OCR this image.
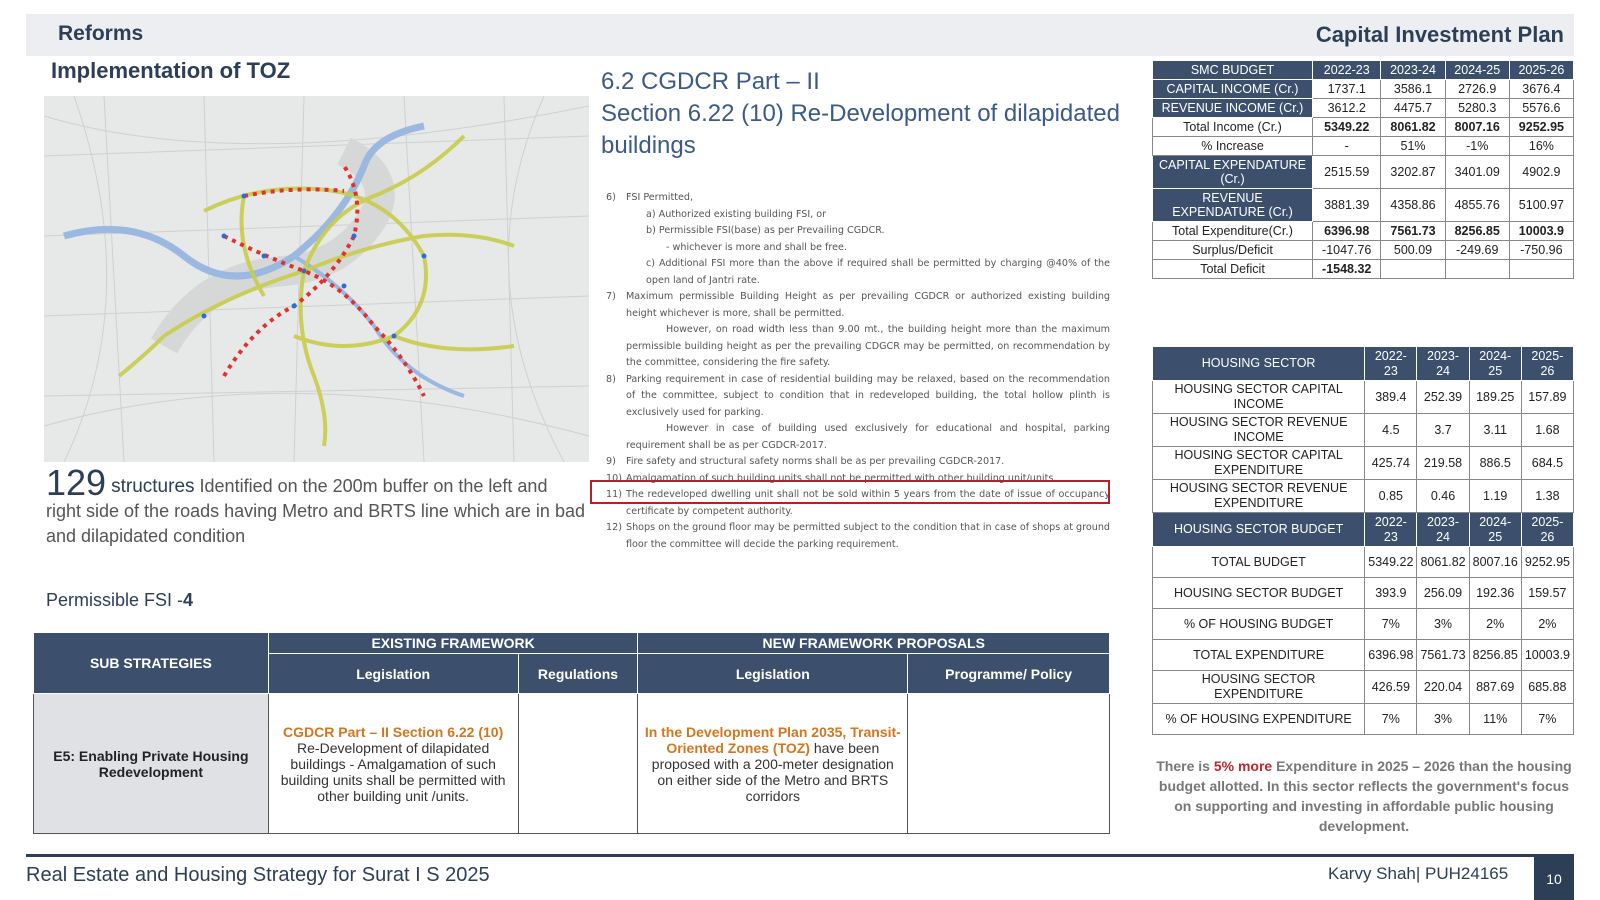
Reforms	Capital Investment Plan
Implementation of TOZ
129 structures Identified on the 200m buffer on the left and right side of the roads having Metro and BRTS line which are in bad and dilapidated condition
Permissible FSI -4
6.2 CGDCR Part – II
Section 6.22 (10) Re-Development of dilapidated buildings
6) FSI Permitted,
a) Authorized existing building FSI, or
b) Permissible FSI(base) as per Prevailing CGDCR.
- whichever is more and shall be free.
c) Additional FSI more than the above if required shall be permitted by charging @40% of the open land of Jantri rate.
7) Maximum permissible Building Height as per prevailing CGDCR or authorized existing building height whichever is more, shall be permitted.
However, on road width less than 9.00 mt., the building height more than the maximum permissible building height as per the prevailing CDGCR may be permitted, on recommendation by the committee, considering the fire safety.
8) Parking requirement in case of residential building may be relaxed, based on the recommendation of the committee, subject to condition that in redeveloped building, the total hollow plinth is exclusively used for parking.
However in case of building used exclusively for educational and hospital, parking requirement shall be as per CGDCR-2017.
9) Fire safety and structural safety norms shall be as per prevailing CGDCR-2017.
10) Amalgamation of such building units shall not be permitted with other building unit/units.
11) The redeveloped dwelling unit shall not be sold within 5 years from the date of issue of occupancy certificate by competent authority.
12) Shops on the ground floor may be permitted subject to the condition that in case of shops at ground floor the committee will decide the parking requirement.
SUB STRATEGIES	EXISTING FRAMEWORK		NEW FRAMEWORK PROPOSALS	
	Legislation	Regulations	Legislation	Programme/ Policy
E5: Enabling Private Housing Redevelopment	CGDCR Part – II Section 6.22 (10)
Re-Development of dilapidated buildings - Amalgamation of such building units shall be permitted with other building unit /units.		In the Development Plan 2035, Transit-Oriented Zones (TOZ) have been proposed with a 200-meter designation on either side of the Metro and BRTS corridors	
SMC BUDGET	2022-23	2023-24	2024-25	2025-26
CAPITAL INCOME (Cr.)	1737.1	3586.1	2726.9	3676.4
REVENUE INCOME (Cr.)	3612.2	4475.7	5280.3	5576.6
Total Income (Cr.)	5349.22	8061.82	8007.16	9252.95
% Increase	-	51%	-1%	16%
CAPITAL EXPENDATURE (Cr.)	2515.59	3202.87	3401.09	4902.9
REVENUE EXPENDATURE (Cr.)	3881.39	4358.86	4855.76	5100.97
Total Expenditure(Cr.)	6396.98	7561.73	8256.85	10003.9
Surplus/Deficit	-1047.76	500.09	-249.69	-750.96
Total Deficit	-1548.32			
HOUSING SECTOR	2022-23	2023-24	2024-25	2025-26
HOUSING SECTOR CAPITAL INCOME	389.4	252.39	189.25	157.89
HOUSING SECTOR REVENUE INCOME	4.5	3.7	3.11	1.68
HOUSING SECTOR CAPITAL EXPENDITURE	425.74	219.58	886.5	684.5
HOUSING SECTOR REVENUE EXPENDITURE	0.85	0.46	1.19	1.38
HOUSING SECTOR BUDGET	2022-23	2023-24	2024-25	2025-26
TOTAL BUDGET	5349.22	8061.82	8007.16	9252.95
HOUSING SECTOR BUDGET	393.9	256.09	192.36	159.57
% OF HOUSING BUDGET	7%	3%	2%	2%
TOTAL EXPENDITURE	6396.98	7561.73	8256.85	10003.9
HOUSING SECTOR EXPENDITURE	426.59	220.04	887.69	685.88
% OF HOUSING EXPENDITURE	7%	3%	11%	7%
There is 5% more Expenditure in 2025 – 2026 than the housing budget allotted. In this sector reflects the government's focus on supporting and investing in affordable public housing development.
Real Estate and Housing Strategy for Surat I S 2025	Karvy Shah| PUH24165	10
